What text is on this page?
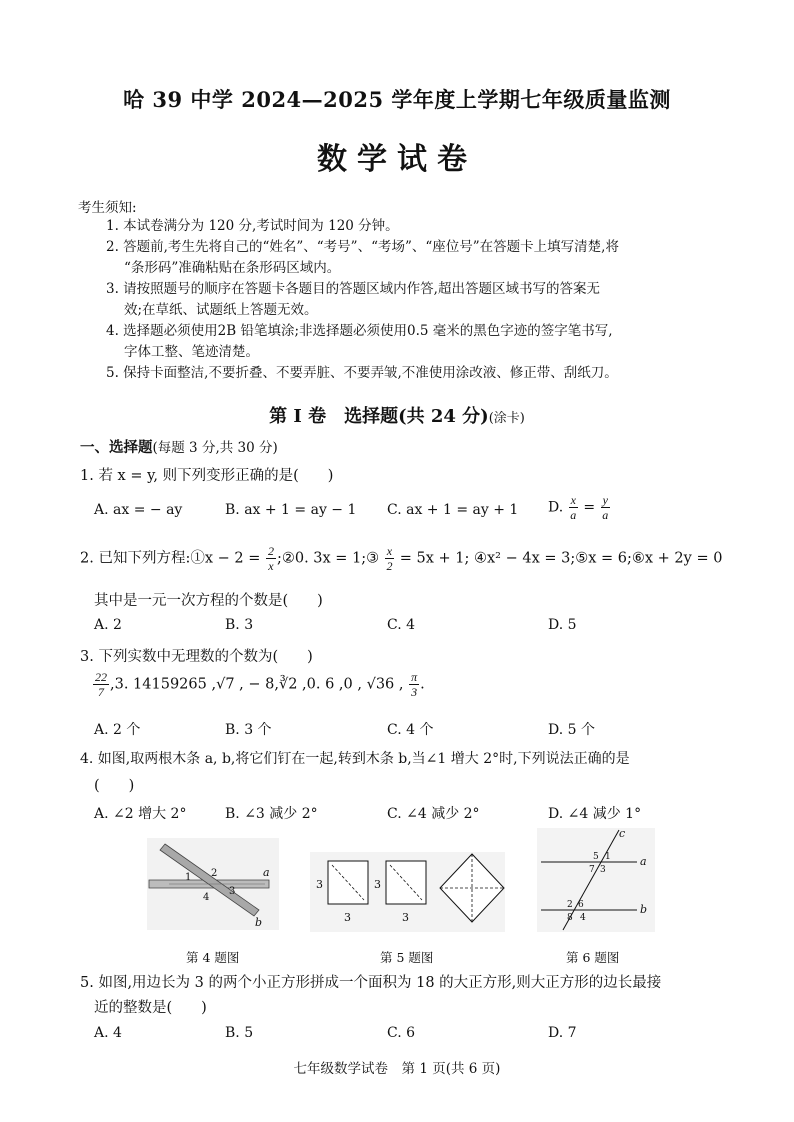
哈 39 中学 2024—2025 学年度上学期七年级质量监测
数学试卷
考生须知:
1. 本试卷满分为 120 分,考试时间为 120 分钟。
2. 答题前,考生先将自己的“姓名”、“考号”、“考场”、“座位号”在答题卡上填写清楚,将
“条形码”准确粘贴在条形码区域内。
3. 请按照题号的顺序在答题卡各题目的答题区域内作答,超出答题区域书写的答案无
效;在草纸、试题纸上答题无效。
4. 选择题必须使用2B 铅笔填涂;非选择题必须使用0.5 毫米的黑色字迹的签字笔书写,
字体工整、笔迹清楚。
5. 保持卡面整洁,不要折叠、不要弄脏、不要弄皱,不准使用涂改液、修正带、刮纸刀。
第 I 卷　选择题(共 24 分)(涂卡)
一、选择题(每题 3 分,共 30 分)
1. 若 x = y, 则下列变形正确的是(　　)
A. ax = − ay	B. ax + 1 = ay − 1 C. ax + 1 = ay + 1 D. $\frac{x}{a} = \frac{y}{a}$
2. 已知下列方程:①x − $2 = \frac{2}{x}$ ;②0. 3x = 1;③ $\frac{x}{2} = 5x + 1$; ④x² − 4x = 3;⑤x = 6;⑥x + 2y = 0
其中是一元一次方程的个数是(　　)
A. 2	B. 3	C. 4	D. 5
3. 下列实数中无理数的个数为(　　)
$\frac{22}{7} ,3$. 14159265 ,√7 , − 8,∛2 ,0. 6 ,0 , √36 , $\frac{\pi}{3}$ .
A. 2 个	B. 3 个	C. 4 个	D. 5 个
4. 如图,取两根木条 a, b,将它们钉在一起,转到木条 b,当∠1 增大 2°时,下列说法正确的是
(　　)
A. ∠2 增大 2°	B. ∠3 减少 2°	C. ∠4 减少 2°	D. ∠4 减少 1°
1 2
3
4
a
b
第 4 题图
3
3
3
3
第 5 题图
c
5 1
7 3
a
2
8 4
6	b
第 6 题图
5. 如图,用边长为 3 的两个小正方形拼成一个面积为 18 的大正方形,则大正方形的边长最接
近的整数是(　　)
A. 4	B. 5	C. 6	D. 7
七年级数学试卷　第 1 页(共 6 页)
